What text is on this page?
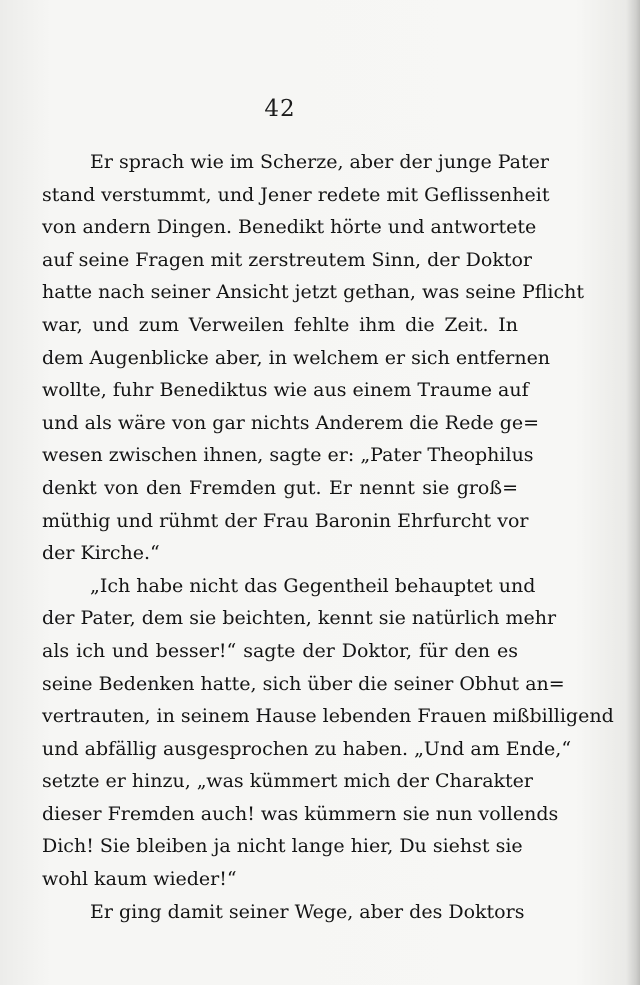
42
Er sprach wie im Scherze, aber der junge Pater
stand verstummt, und Jener redete mit Geflissenheit
von andern Dingen. Benedikt hörte und antwortete
auf seine Fragen mit zerstreutem Sinn, der Doktor
hatte nach seiner Ansicht jetzt gethan, was seine Pflicht
war, und zum Verweilen fehlte ihm die Zeit. In
dem Augenblicke aber, in welchem er sich entfernen
wollte, fuhr Benediktus wie aus einem Traume auf
und als wäre von gar nichts Anderem die Rede ge=
wesen zwischen ihnen, sagte er: „Pater Theophilus
denkt von den Fremden gut. Er nennt sie groß=
müthig und rühmt der Frau Baronin Ehrfurcht vor
der Kirche.“
„Ich habe nicht das Gegentheil behauptet und
der Pater, dem sie beichten, kennt sie natürlich mehr
als ich und besser!“ sagte der Doktor, für den es
seine Bedenken hatte, sich über die seiner Obhut an=
vertrauten, in seinem Hause lebenden Frauen mißbilligend
und abfällig ausgesprochen zu haben. „Und am Ende,“
setzte er hinzu, „was kümmert mich der Charakter
dieser Fremden auch! was kümmern sie nun vollends
Dich! Sie bleiben ja nicht lange hier, Du siehst sie
wohl kaum wieder!“
Er ging damit seiner Wege, aber des Doktors
